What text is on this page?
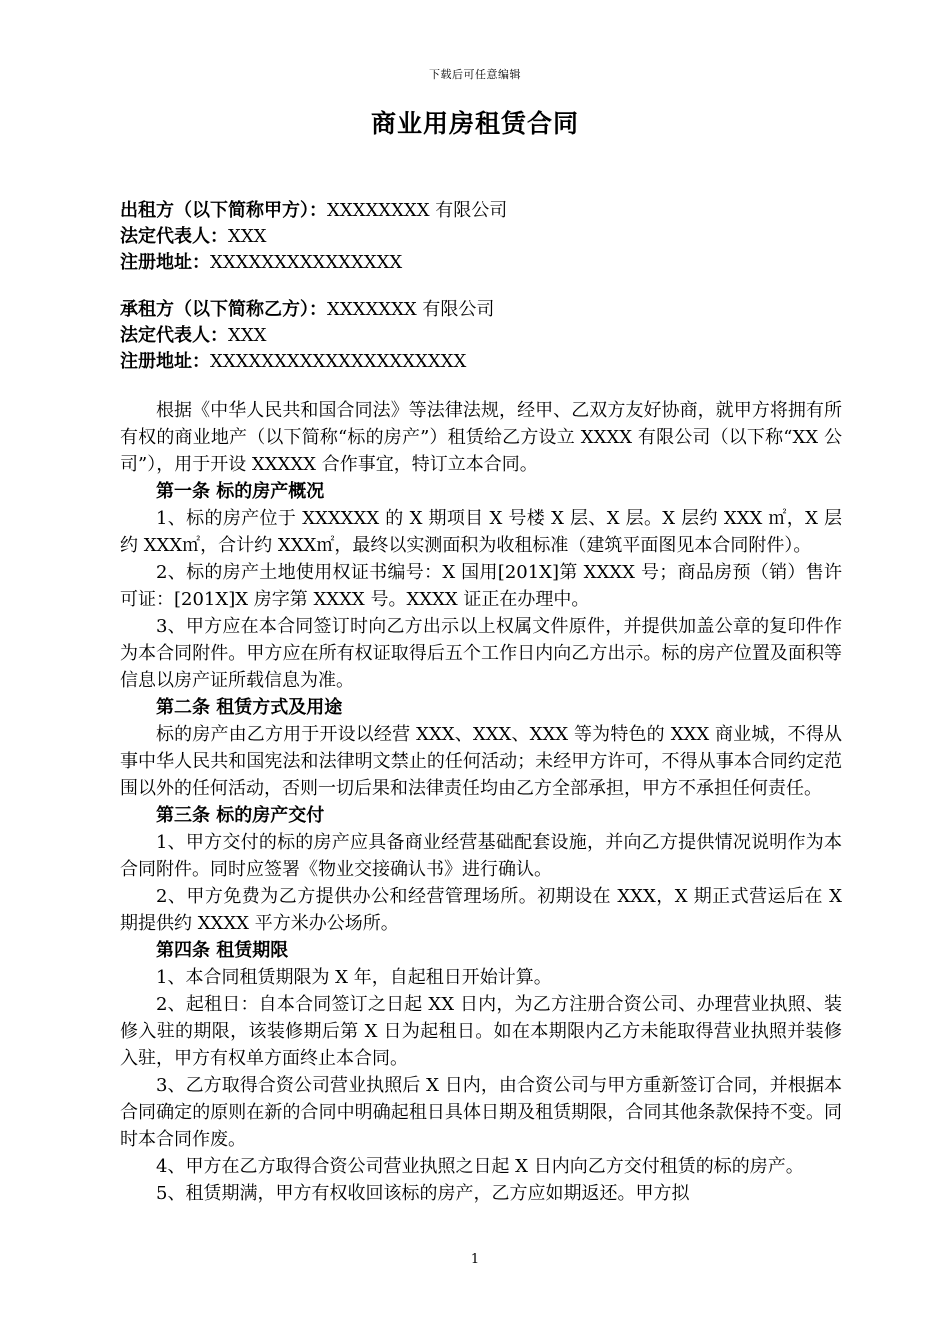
下载后可任意编辑
商业用房租赁合同
出租方（以下简称甲方）：XXXXXXXX 有限公司
法定代表人：XXX
注册地址：XXXXXXXXXXXXXXX
承租方（以下简称乙方）：XXXXXXX 有限公司
法定代表人：XXX
注册地址：XXXXXXXXXXXXXXXXXXXX

根据《中华人民共和国合同法》等法律法规，经甲、乙双方友好协商，就甲方将拥有所有权的商业地产（以下简称“标的房产”）租赁给乙方设立 XXXX 有限公司（以下称“XX 公司”），用于开设 XXXXX 合作事宜，特订立本合同。

第一条 标的房产概况

1、标的房产位于 XXXXXX 的 X 期项目 X 号楼 X 层、X 层。X 层约 XXX ㎡，X 层约 XXX㎡，合计约 XXX㎡，最终以实测面积为收租标准（建筑平面图见本合同附件）。

2、标的房产土地使用权证书编号：X 国用[201X]第 XXXX 号；商品房预（销）售许可证：[201X]X 房字第 XXXX 号。XXXX 证正在办理中。

3、甲方应在本合同签订时向乙方出示以上权属文件原件，并提供加盖公章的复印件作为本合同附件。甲方应在所有权证取得后五个工作日内向乙方出示。标的房产位置及面积等信息以房产证所载信息为准。

第二条 租赁方式及用途

标的房产由乙方用于开设以经营 XXX、XXX、XXX 等为特色的 XXX 商业城，不得从事中华人民共和国宪法和法律明文禁止的任何活动；未经甲方许可，不得从事本合同约定范围以外的任何活动，否则一切后果和法律责任均由乙方全部承担，甲方不承担任何责任。

第三条 标的房产交付

1、甲方交付的标的房产应具备商业经营基础配套设施，并向乙方提供情况说明作为本合同附件。同时应签署《物业交接确认书》进行确认。

2、甲方免费为乙方提供办公和经营管理场所。初期设在 XXX，X 期正式营运后在 X 期提供约 XXXX 平方米办公场所。

第四条 租赁期限

1、本合同租赁期限为 X 年，自起租日开始计算。

2、起租日：自本合同签订之日起 XX 日内，为乙方注册合资公司、办理营业执照、装修入驻的期限，该装修期后第 X 日为起租日。如在本期限内乙方未能取得营业执照并装修入驻，甲方有权单方面终止本合同。

3、乙方取得合资公司营业执照后 X 日内，由合资公司与甲方重新签订合同，并根据本合同确定的原则在新的合同中明确起租日具体日期及租赁期限，合同其他条款保持不变。同时本合同作废。

4、甲方在乙方取得合资公司营业执照之日起 X 日内向乙方交付租赁的标的房产。

5、租赁期满，甲方有权收回该标的房产，乙方应如期返还。甲方拟

1
